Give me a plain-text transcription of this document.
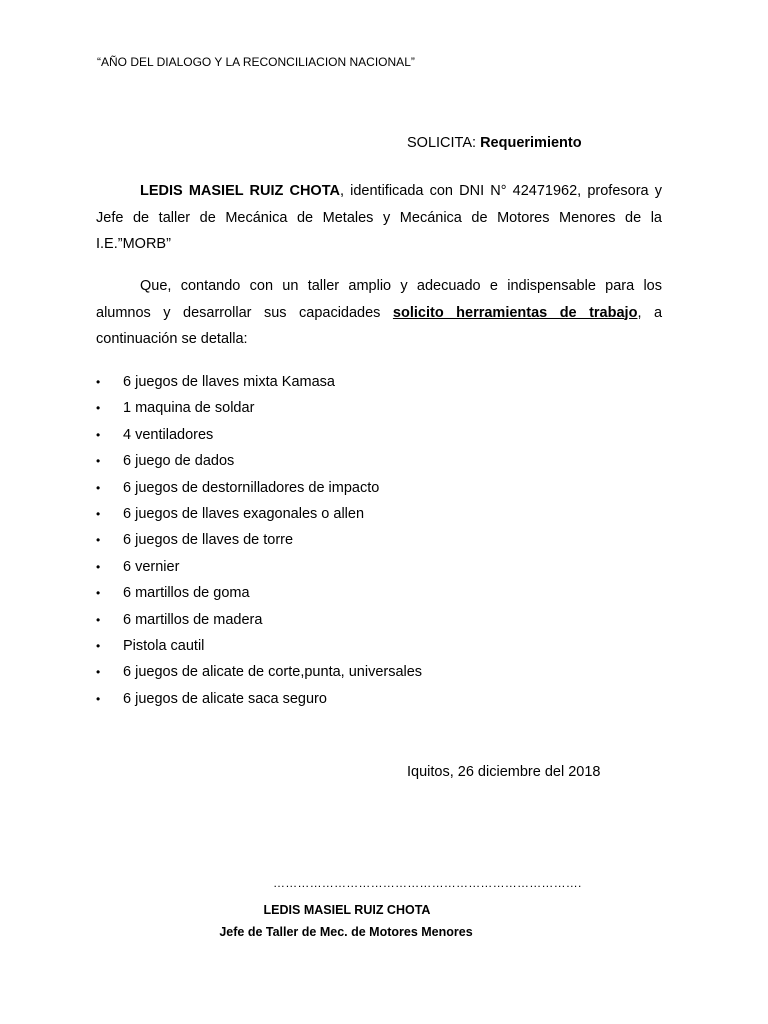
“AÑO DEL DIALOGO Y LA RECONCILIACION NACIONAL”
SOLICITA: Requerimiento
LEDIS MASIEL RUIZ CHOTA, identificada con DNI N° 42471962, profesora y Jefe de taller de Mecánica de Metales y Mecánica de Motores Menores de la I.E.”MORB”
Que, contando con un taller amplio y adecuado e indispensable para los alumnos y desarrollar sus capacidades solicito herramientas de trabajo, a continuación se detalla:
• 6 juegos de llaves mixta Kamasa
• 1 maquina de soldar
• 4 ventiladores
• 6 juego de dados
• 6 juegos de destornilladores de impacto
• 6 juegos de llaves exagonales o allen
• 6 juegos de llaves de torre
• 6 vernier
• 6 martillos de goma
• 6 martillos de madera
• Pistola cautil
• 6 juegos de alicate de corte,punta, universales
• 6 juegos de alicate saca seguro
Iquitos, 26 diciembre del 2018
………………………………………………………………….
LEDIS MASIEL RUIZ CHOTA
Jefe de Taller de Mec. de Motores Menores
